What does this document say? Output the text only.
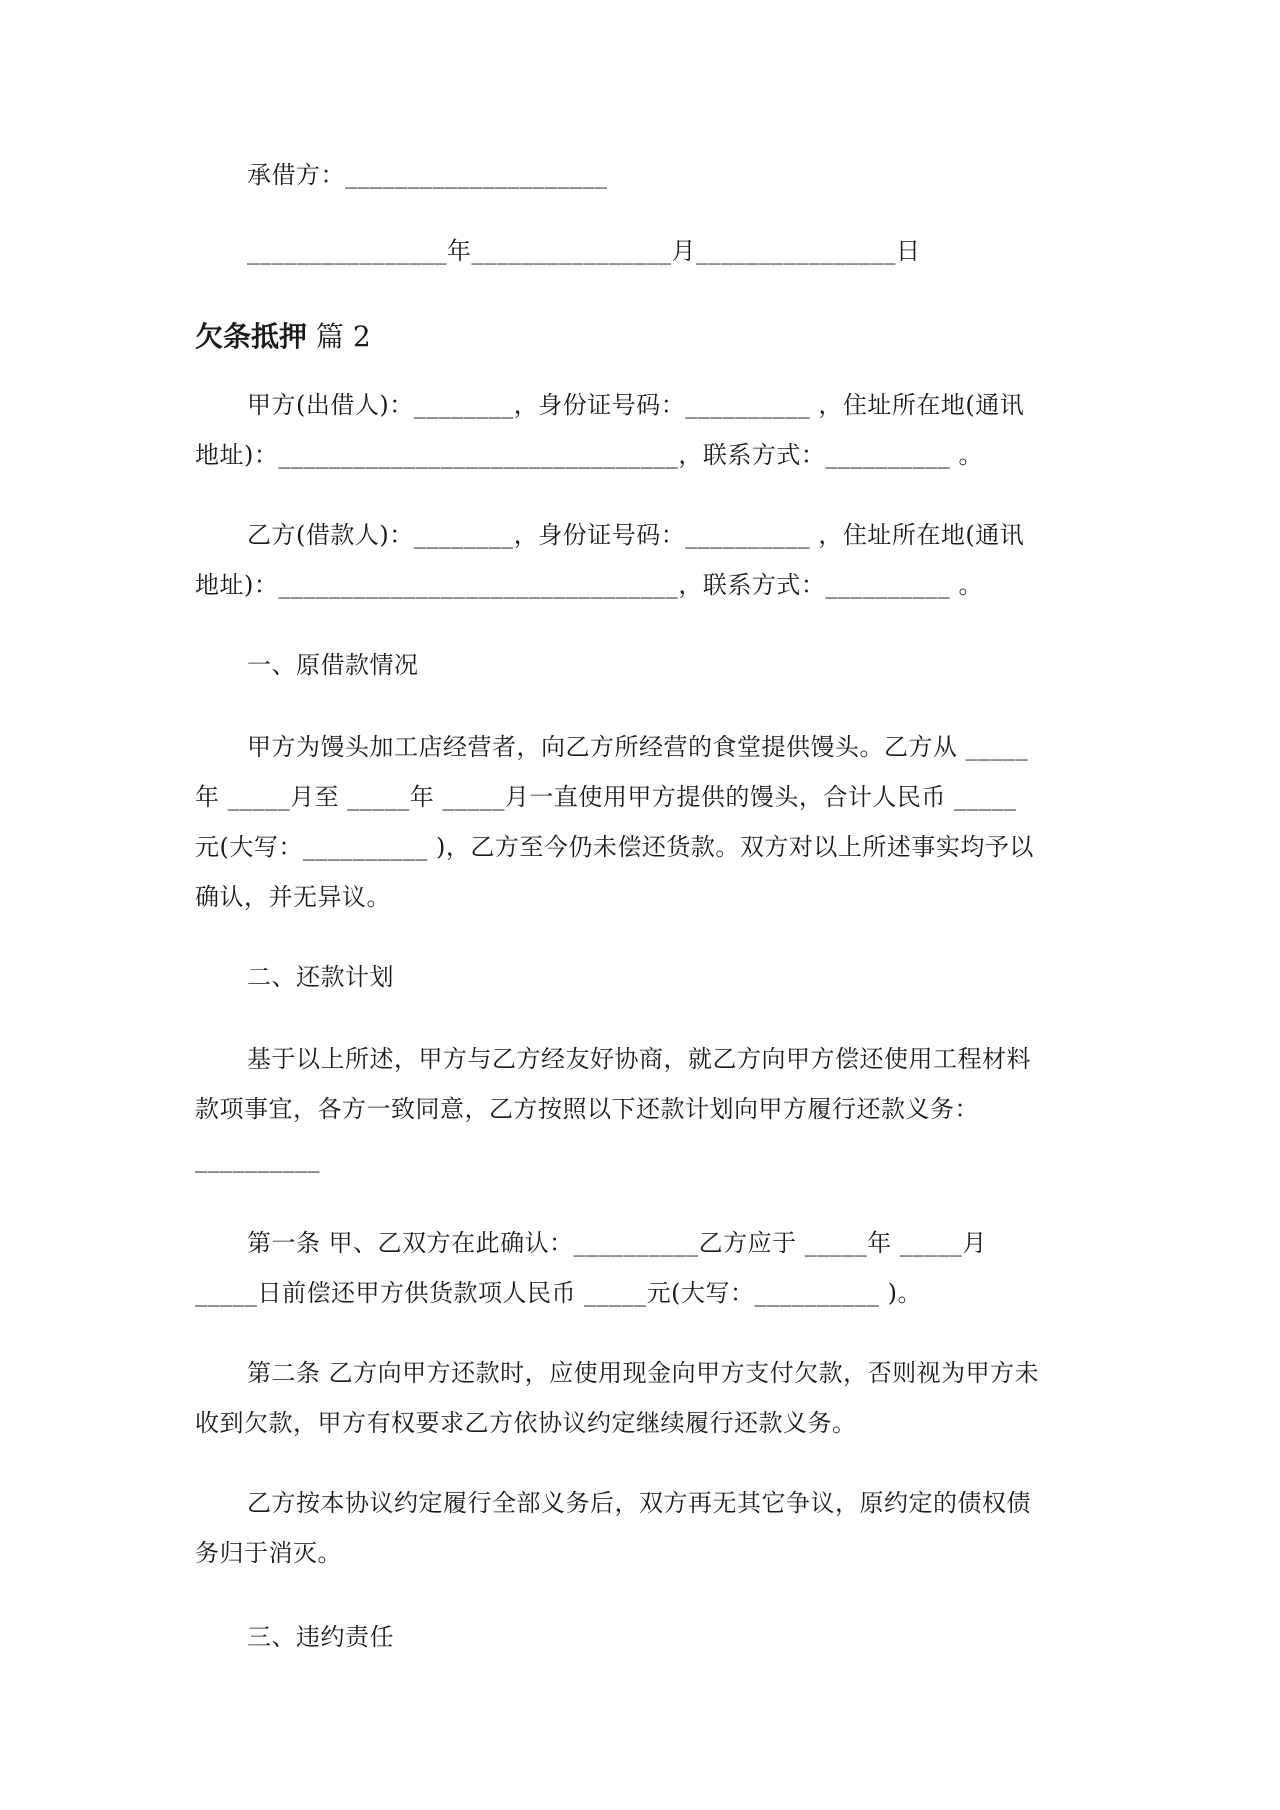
承借方：_____________________
________________年________________月________________日
欠条抵押 篇 2
甲方(出借人)：________，身份证号码：__________ ，住址所在地(通讯
地址)：________________________________，联系方式：__________ 。
乙方(借款人)：________，身份证号码：__________ ，住址所在地(通讯
地址)：________________________________，联系方式：__________ 。
一、原借款情况
甲方为馒头加工店经营者，向乙方所经营的食堂提供馒头。乙方从 _____
年 _____月至 _____年 _____月一直使用甲方提供的馒头，合计人民币 _____
元(大写：__________ )，乙方至今仍未偿还货款。双方对以上所述事实均予以
确认，并无异议。
二、还款计划
基于以上所述，甲方与乙方经友好协商，就乙方向甲方偿还使用工程材料
款项事宜，各方一致同意，乙方按照以下还款计划向甲方履行还款义务：
__________
第一条 甲、乙双方在此确认：__________乙方应于 _____年 _____月
_____日前偿还甲方供货款项人民币 _____元(大写：__________ )。
第二条 乙方向甲方还款时，应使用现金向甲方支付欠款，否则视为甲方未
收到欠款，甲方有权要求乙方依协议约定继续履行还款义务。
乙方按本协议约定履行全部义务后，双方再无其它争议，原约定的债权债
务归于消灭。
三、违约责任
